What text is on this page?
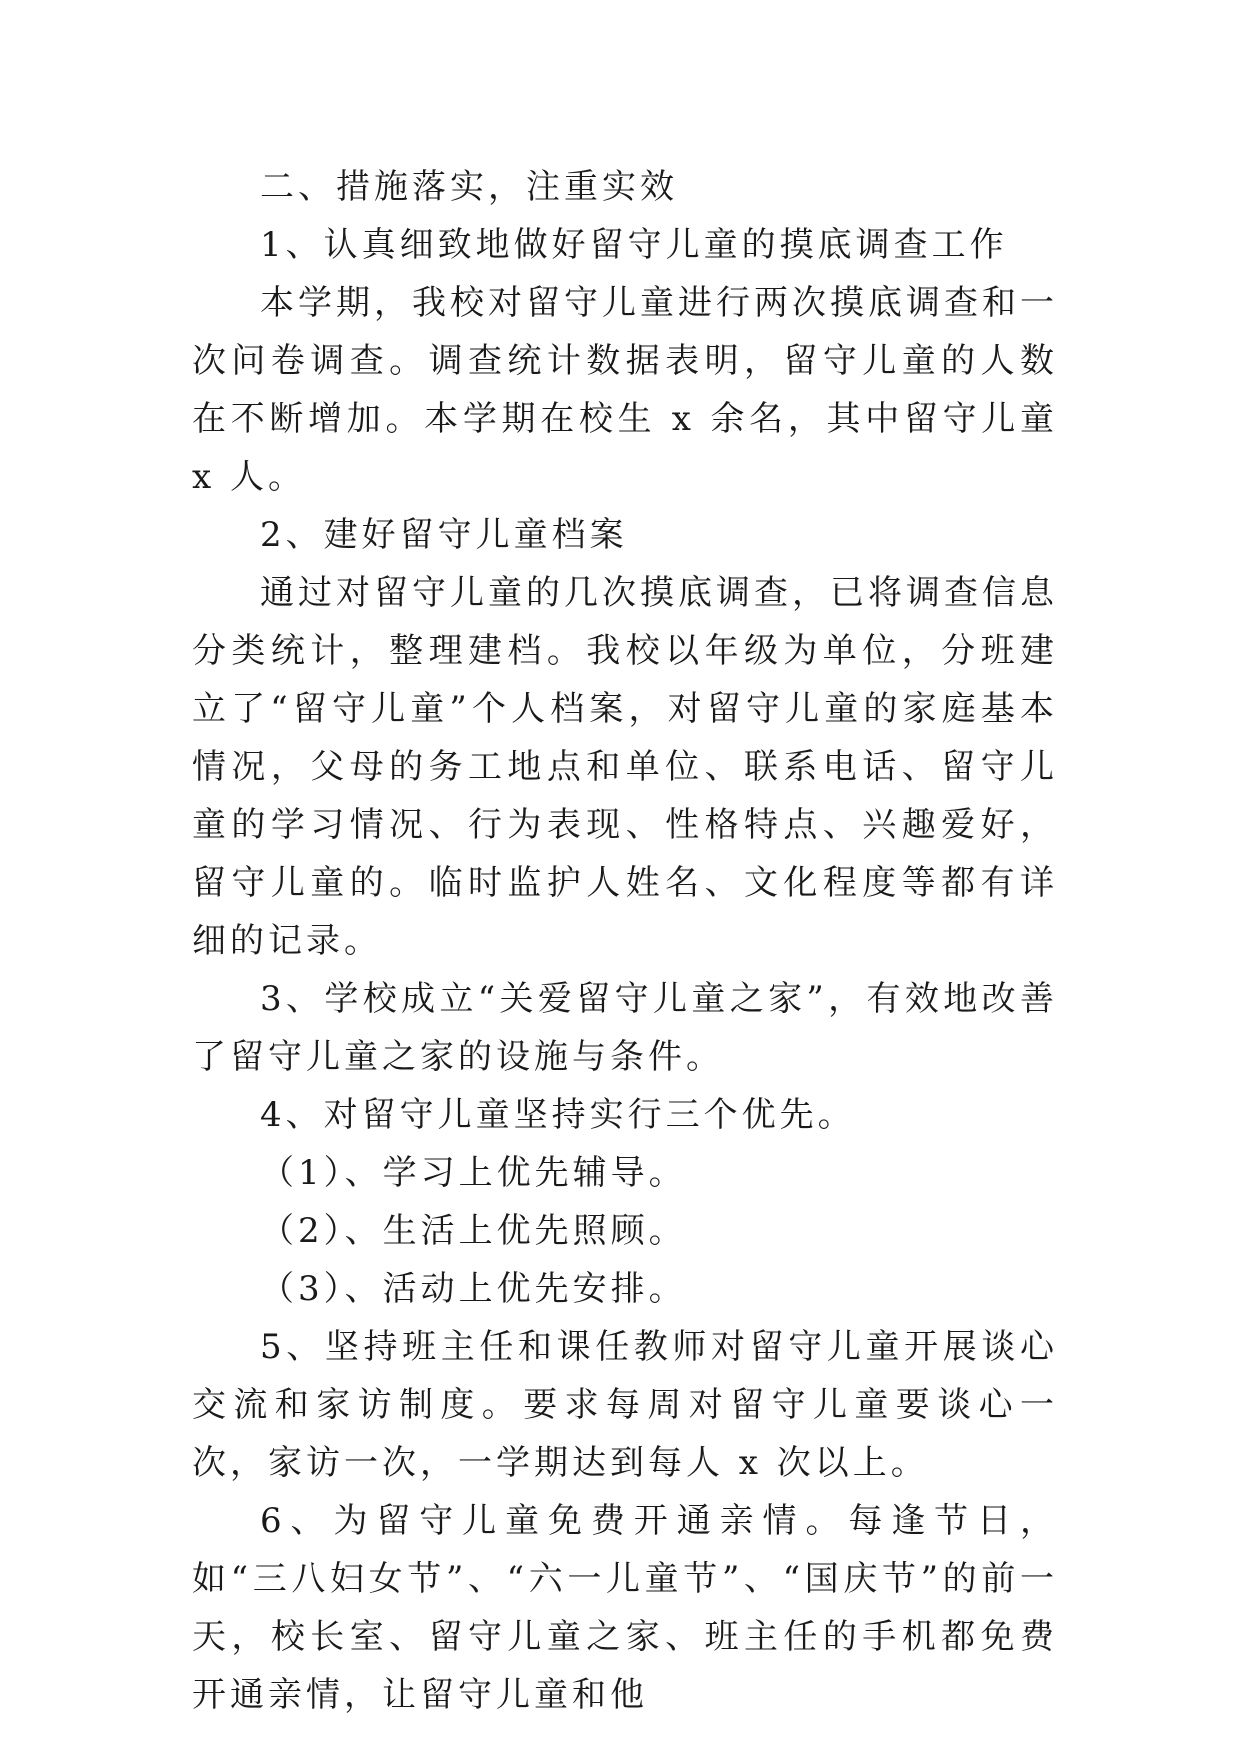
二、措施落实，注重实效

1、认真细致地做好留守儿童的摸底调查工作

本学期，我校对留守儿童进行两次摸底调查和一次问卷调查。调查统计数据表明，留守儿童的人数在不断增加。本学期在校生 x 余名，其中留守儿童 x 人。

2、建好留守儿童档案

通过对留守儿童的几次摸底调查，已将调查信息分类统计，整理建档。我校以年级为单位，分班建立了“留守儿童”个人档案，对留守儿童的家庭基本情况，父母的务工地点和单位、联系电话、留守儿童的学习情况、行为表现、性格特点、兴趣爱好，留守儿童的。临时监护人姓名、文化程度等都有详细的记录。

3、学校成立“关爱留守儿童之家”，有效地改善了留守儿童之家的设施与条件。

4、对留守儿童坚持实行三个优先。

（1）、学习上优先辅导。

（2）、生活上优先照顾。

（3）、活动上优先安排。

5、坚持班主任和课任教师对留守儿童开展谈心交流和家访制度。要求每周对留守儿童要谈心一次，家访一次，一学期达到每人 x 次以上。

6、为留守儿童免费开通亲情。每逢节日，如“三八妇女节”、“六一儿童节”、“国庆节”的前一天，校长室、留守儿童之家、班主任的手机都免费开通亲情，让留守儿童和他
